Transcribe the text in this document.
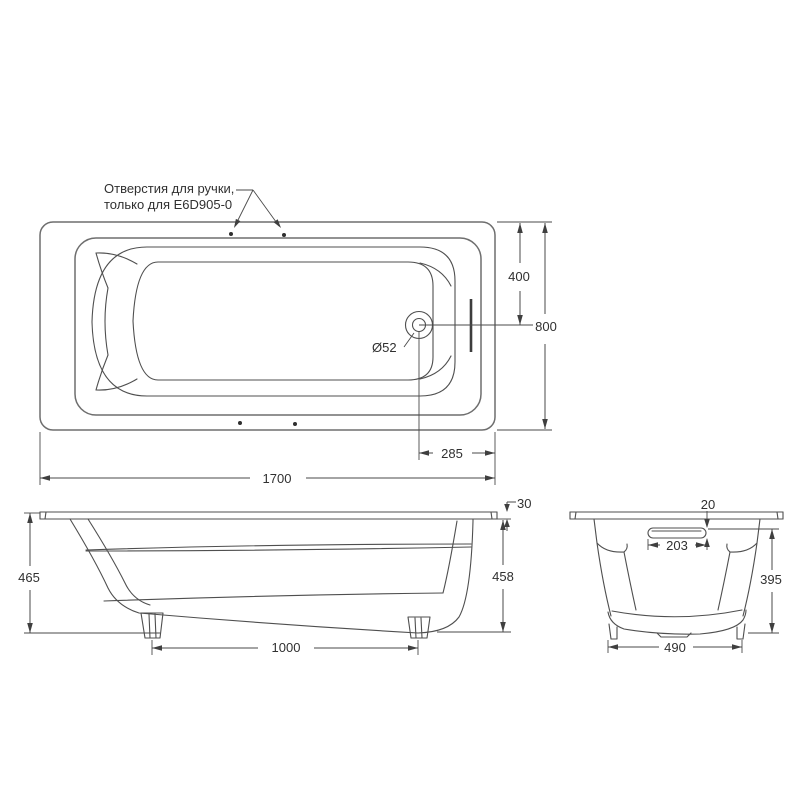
Отверстия для ручки,
только для E6D905-0
Ø52
400
800
285
1700
465	458
30
1000
20
203
395
490
